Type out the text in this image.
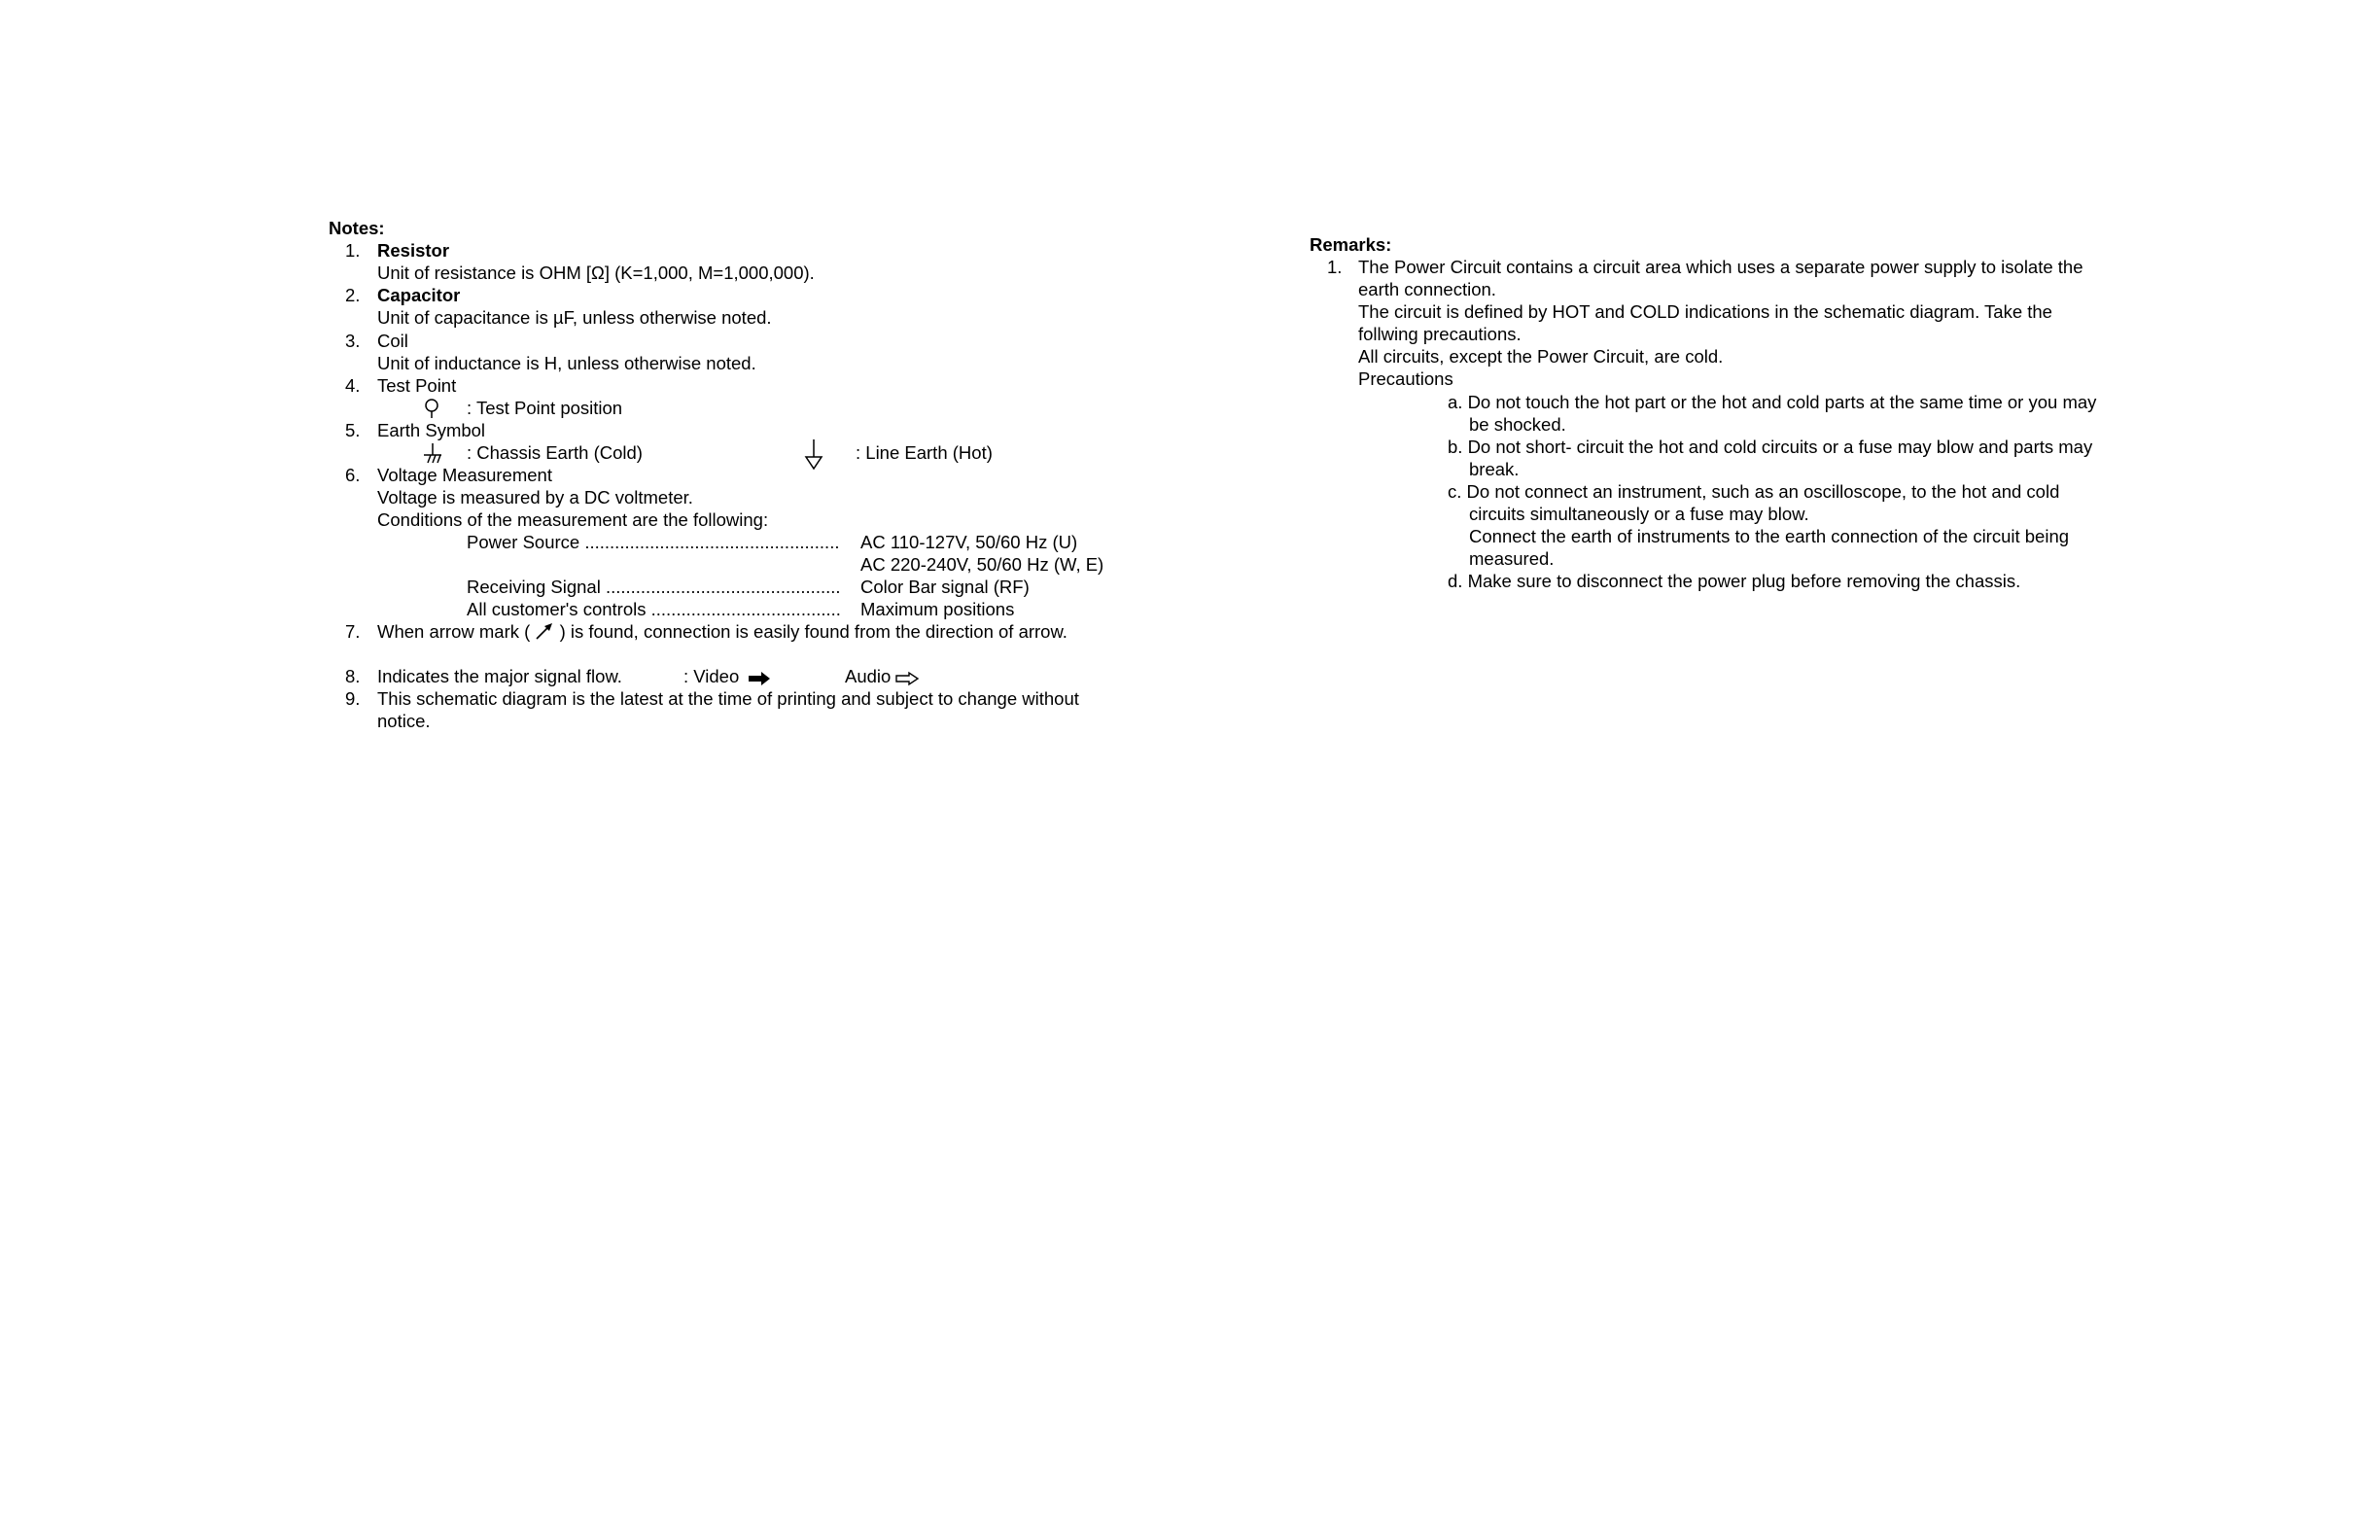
Notes:
1. Resistor
Unit of resistance is OHM [Ω] (K=1,000, M=1,000,000).
2. Capacitor
Unit of capacitance is µF, unless otherwise noted.
3. Coil
Unit of inductance is H, unless otherwise noted.
4. Test Point
: Test Point position
5. Earth Symbol
: Chassis Earth (Cold)	: Line Earth (Hot)
6. Voltage Measurement
Voltage is measured by a DC voltmeter.
Conditions of the measurement are the following:
Power Source ................................................... AC 110-127V, 50/60 Hz (U)
AC 220-240V, 50/60 Hz (W, E)
Receiving Signal ............................................... Color Bar signal (RF)
All customer's controls ...................................... Maximum positions
7. When arrow mark ( ) is found, connection is easily found from the direction of arrow.
8. Indicates the major signal flow.	: Video	Audio
9. This schematic diagram is the latest at the time of printing and subject to change without
notice.
Remarks:
1. The Power Circuit contains a circuit area which uses a separate power supply to isolate the
earth connection.
The circuit is defined by HOT and COLD indications in the schematic diagram. Take the
follwing precautions.
All circuits, except the Power Circuit, are cold.
Precautions
a. Do not touch the hot part or the hot and cold parts at the same time or you may
be shocked.
b. Do not short- circuit the hot and cold circuits or a fuse may blow and parts may
break.
c. Do not connect an instrument, such as an oscilloscope, to the hot and cold
circuits simultaneously or a fuse may blow.
Connect the earth of instruments to the earth connection of the circuit being
measured.
d. Make sure to disconnect the power plug before removing the chassis.
